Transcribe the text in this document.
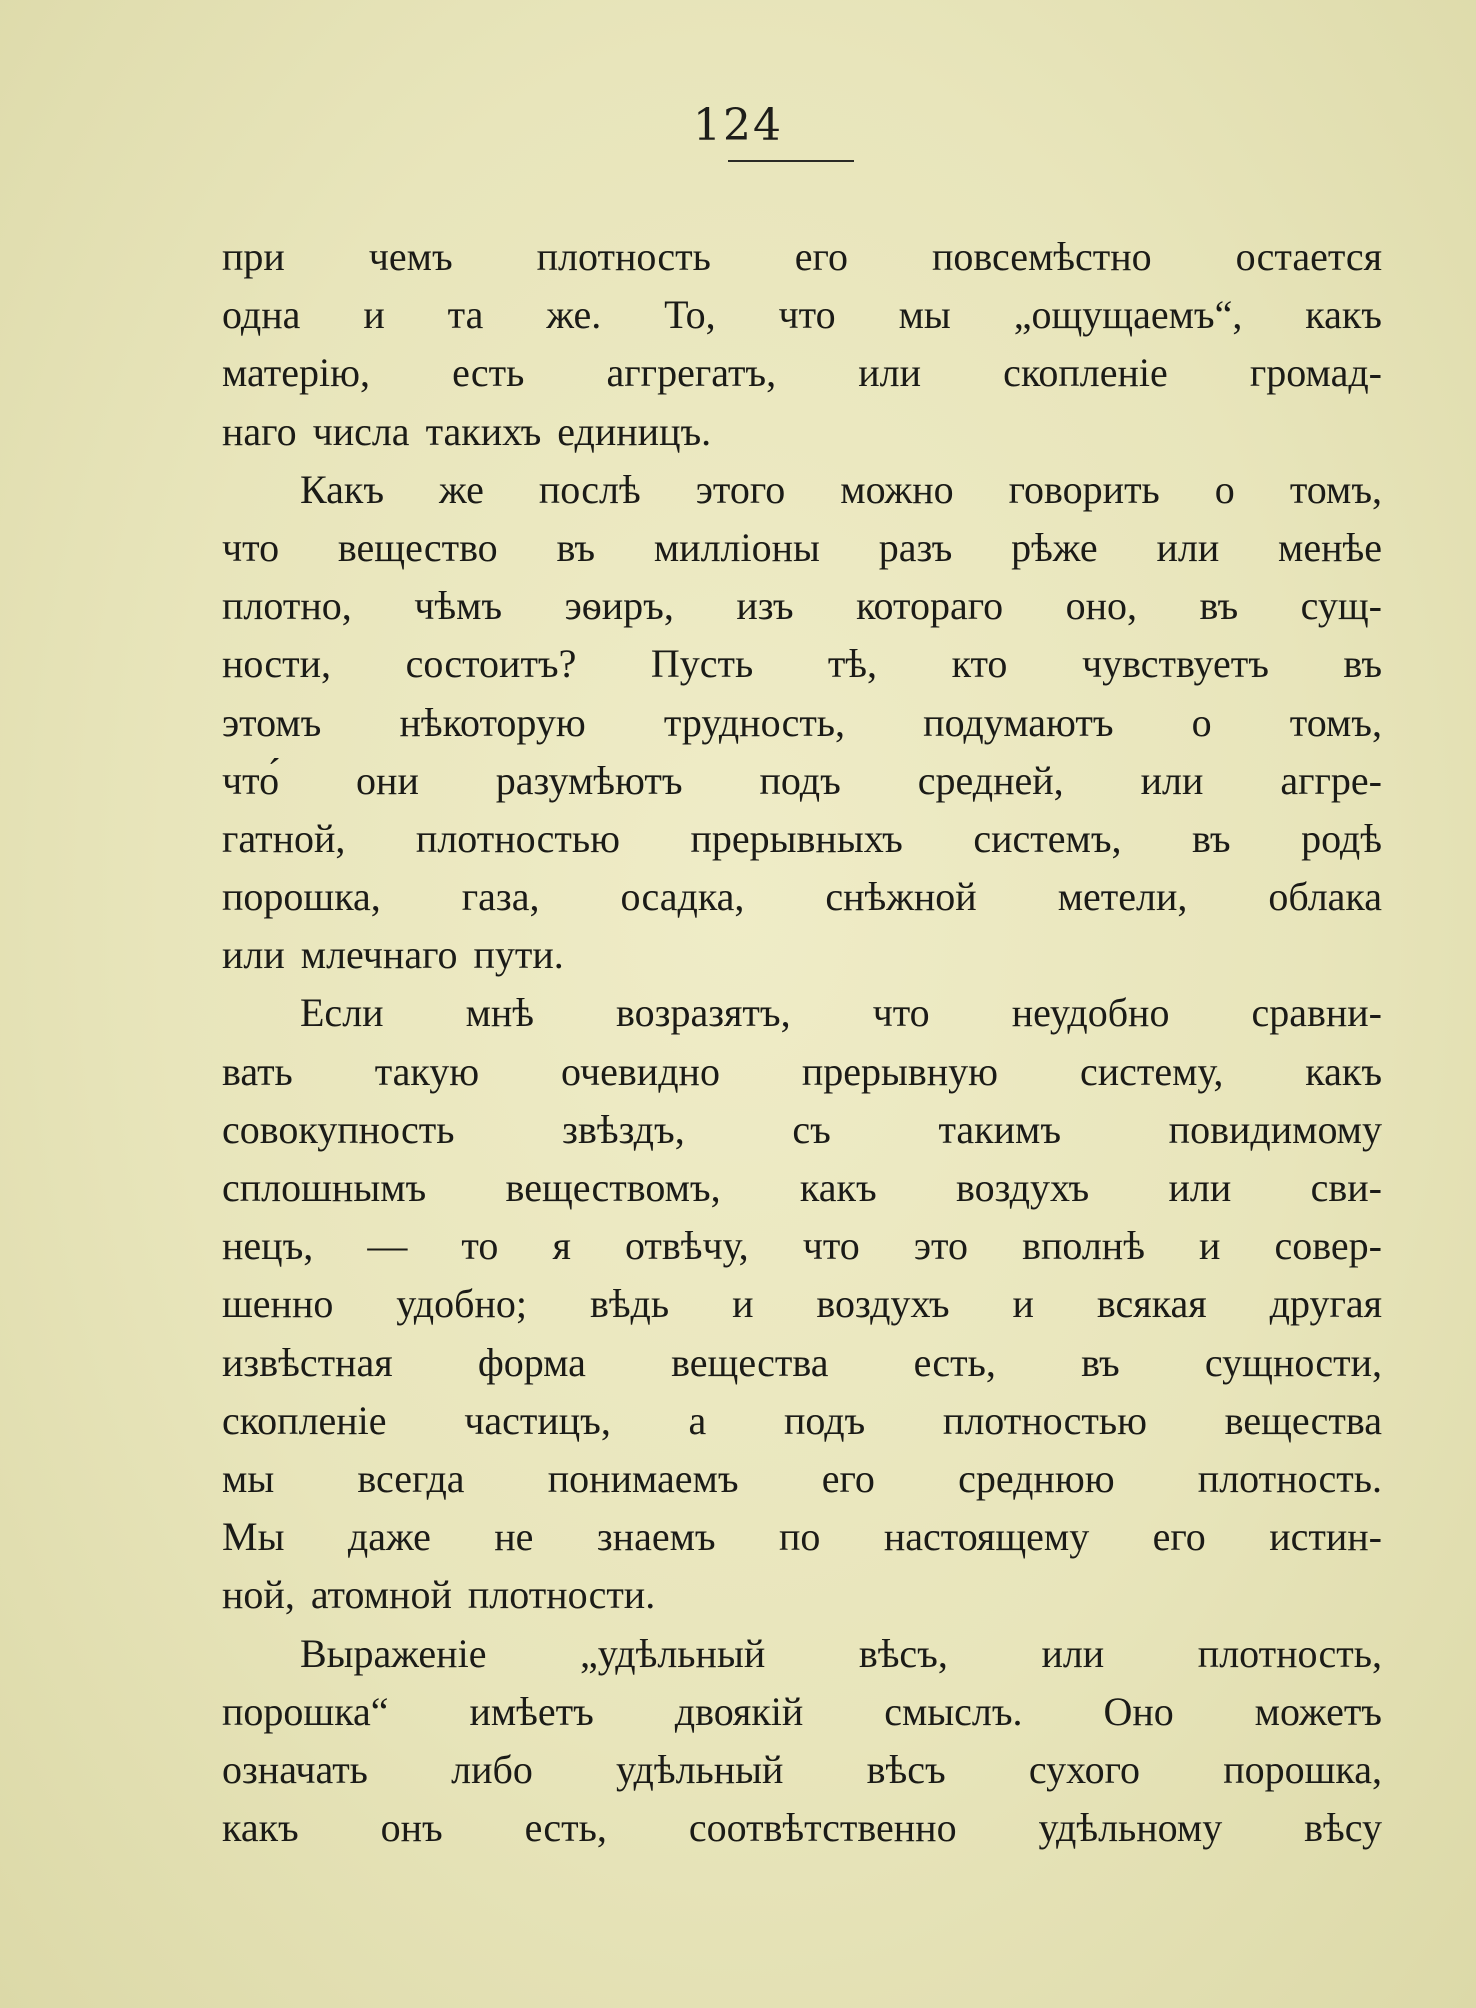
124
при чемъ плотность его повсемѣстно остается
одна и та же. То, что мы „ощущаемъ“, какъ
матерію, есть аггрегатъ, или скопленіе громад-
наго числа такихъ единицъ.
Какъ же послѣ этого можно говорить о томъ,
что вещество въ милліоны разъ рѣже или менѣе
плотно, чѣмъ эѳиръ, изъ котораго оно, въ сущ-
ности, состоитъ? Пусть тѣ, кто чувствуетъ въ
этомъ нѣкоторую трудность, подумаютъ о томъ,
что́ они разумѣютъ подъ средней, или аггре-
гатной, плотностью прерывныхъ системъ, въ родѣ
порошка, газа, осадка, снѣжной метели, облака
или млечнаго пути.
Если мнѣ возразятъ, что неудобно сравни-
вать такую очевидно прерывную систему, какъ
совокупность звѣздъ, съ такимъ повидимому
сплошнымъ веществомъ, какъ воздухъ или сви-
нецъ, — то я отвѣчу, что это вполнѣ и совер-
шенно удобно; вѣдь и воздухъ и всякая другая
извѣстная форма вещества есть, въ сущности,
скопленіе частицъ, а подъ плотностью вещества
мы всегда понимаемъ его среднюю плотность.
Мы даже не знаемъ по настоящему его истин-
ной, атомной плотности.
Выраженіе „удѣльный вѣсъ, или плотность,
порошка“ имѣетъ двоякій смыслъ. Оно можетъ
означать либо удѣльный вѣсъ сухого порошка,
какъ онъ есть, соотвѣтственно удѣльному вѣсу
